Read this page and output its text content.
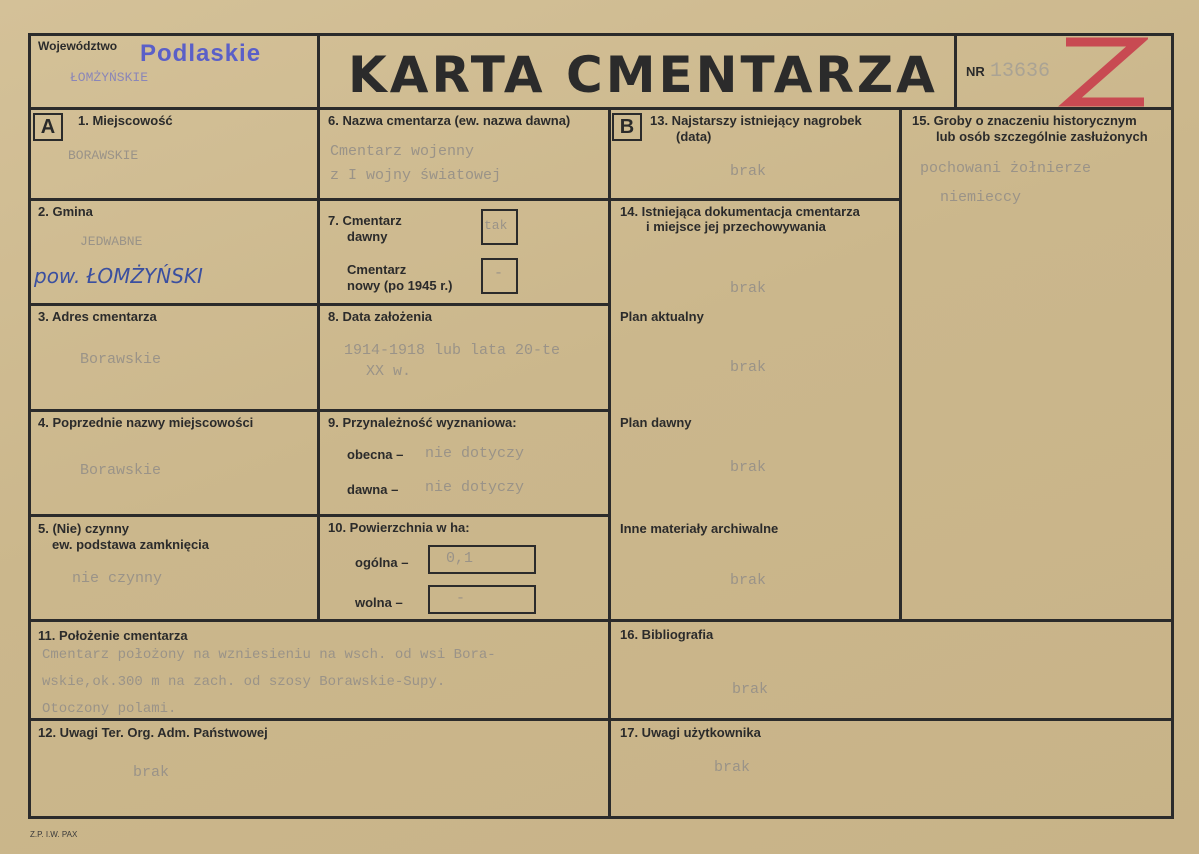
Województwo Podlaskie
ŁOMŻYŃSKIE	KARTA CMENTARZA NR 13636
A	B
1. Miejscowość
BORAWSKIE
2. Gmina
JEDWABNE
pow. ŁOMŻYŃSKI
3. Adres cmentarza
Borawskie
4. Poprzednie nazwy miejscowości
Borawskie
5. (Nie) czynny
ew. podstawa zamknięcia
nie czynny
6. Nazwa cmentarza (ew. nazwa dawna)
Cmentarz wojenny
z I wojny światowej
7. Cmentarz
dawny
tak
Cmentarz
nowy (po 1945 r.)
-
8. Data założenia
1914-1918 lub lata 20-te
XX w.
9. Przynależność wyznaniowa:
obecna – nie dotyczy
dawna – nie dotyczy
10. Powierzchnia w ha:
ogólna –	0,1
wolna –	-
13. Najstarszy istniejący nagrobek
(data)
brak
14. Istniejąca dokumentacja cmentarza
i miejsce jej przechowywania
brak
Plan aktualny
brak
Plan dawny
brak
Inne materiały archiwalne
brak
15. Groby o znaczeniu historycznym
lub osób szczególnie zasłużonych
pochowani żołnierze
niemieccy
11. Położenie cmentarza
Cmentarz położony na wzniesieniu na wsch. od wsi Bora-
wskie,ok.300 m na zach. od szosy Borawskie-Supy.
Otoczony polami.
16. Bibliografia
brak
12. Uwagi Ter. Org. Adm. Państwowej
brak
17. Uwagi użytkownika
brak
Z.P. I.W. PAX
